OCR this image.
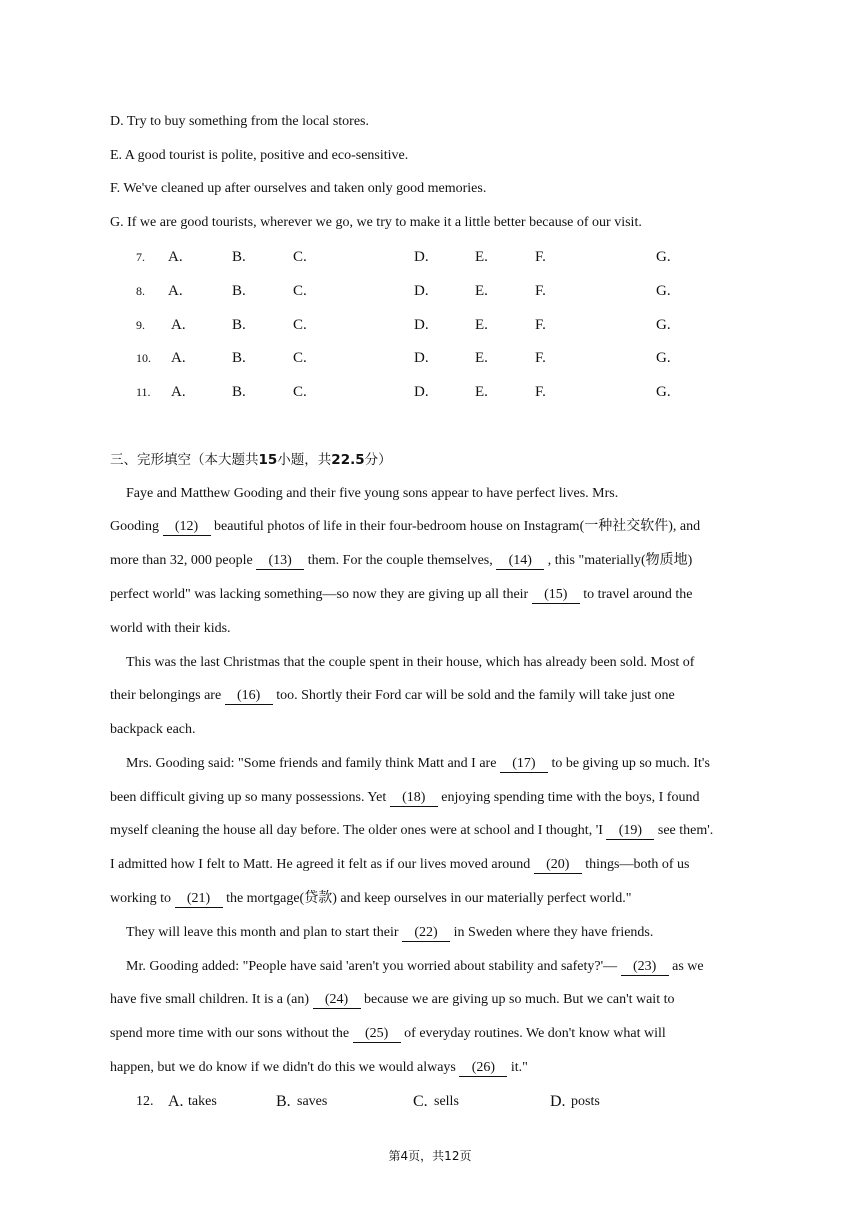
D. Try to buy something from the local stores.
E. A good tourist is polite, positive and eco-sensitive.
F. We've cleaned up after ourselves and taken only good memories.
G. If we are good tourists, wherever we go, we try to make it a little better because of our visit.
7. A.	B.	C.	D.	E.	F.	G.
8. A.	B.	C.	D.	E.	F.	G.
9. A.	B.	C.	D.	E.	F.	G.
10. A.	B.	C.	D.	E.	F.	G.
11. A.	B.	C.	D.	E.	F.	G.
三、完形填空（本大题共15小题，共22.5分）
Faye and Matthew Gooding and their five young sons appear to have perfect lives. Mrs.
Gooding (12) beautiful photos of life in their four-bedroom house on Instagram(一种社交软件), and
more than 32, 000 people (13) them. For the couple themselves, (14) , this "materially(物质地)
perfect world" was lacking something—so now they are giving up all their (15) to travel around the
world with their kids.
This was the last Christmas that the couple spent in their house, which has already been sold. Most of
their belongings are (16) too. Shortly their Ford car will be sold and the family will take just one
backpack each.
Mrs. Gooding said: "Some friends and family think Matt and I are (17) to be giving up so much. It's
been difficult giving up so many possessions. Yet (18) enjoying spending time with the boys, I found
myself cleaning the house all day before. The older ones were at school and I thought, 'I (19) see them'.
I admitted how I felt to Matt. He agreed it felt as if our lives moved around (20) things—both of us
working to (21) the mortgage(贷款) and keep ourselves in our materially perfect world."
They will leave this month and plan to start their (22) in Sweden where they have friends.
Mr. Gooding added: "People have said 'aren't you worried about stability and safety?'— (23) as we
have five small children. It is a (an) (24) because we are giving up so much. But we can't wait to
spend more time with our sons without the (25) of everyday routines. We don't know what will
happen, but we do know if we didn't do this we would always (26) it."
12. A. takes	B. saves	C. sells	D. posts
第4页，共12页
